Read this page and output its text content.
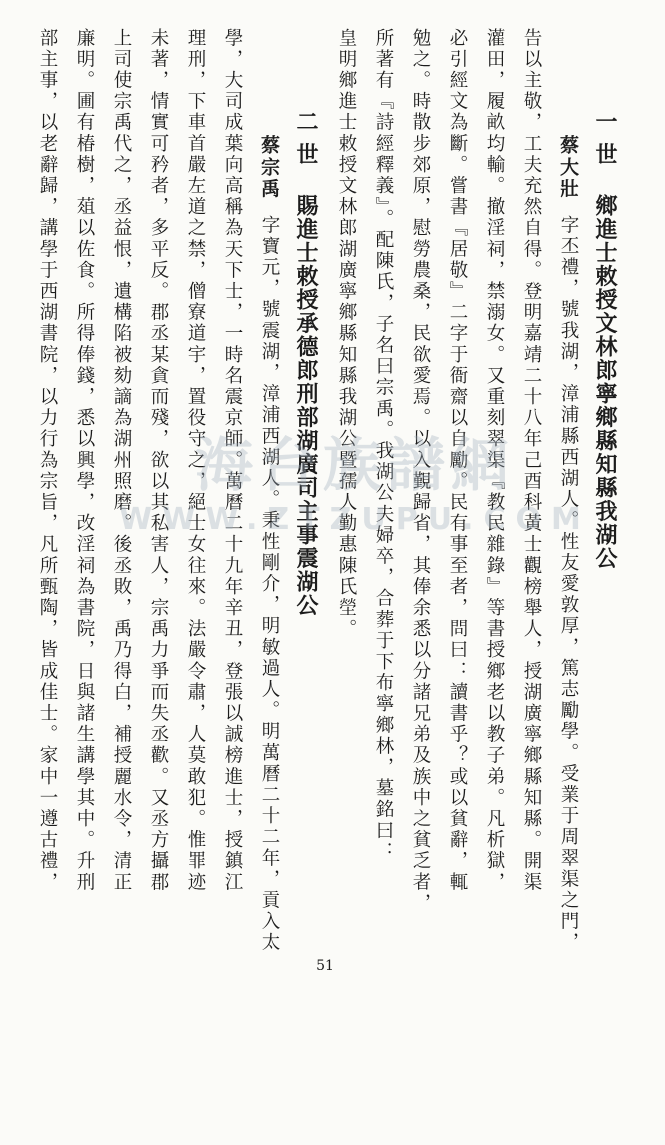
一 世鄉進士敕授文林郎寧鄉縣知縣我湖公
蔡大壯
字丕禮，號我湖，漳浦縣西湖人。性友愛敦厚，篤志勵學。受業于周翠渠之門，
告以主敬，工夫充然自得。登明嘉靖二十八年己酉科黃士觀榜舉人，授湖廣寧鄉縣知縣。開渠
灌田，履畝均輸。撤淫祠，禁溺女。又重刻翠渠『教民雜錄』等書授鄉老以教子弟。凡析獄，
必引經文為斷。嘗書『居敬』二字于衙齋以自勵。民有事至者，問曰：讀書乎？或以貧辭，輒
勉之。時散步郊原，慰勞農桑，民欲愛焉。以入覲歸省，其俸余悉以分諸兄弟及族中之貧乏者，
所著有『詩經釋義』。配陳氏，子名曰宗禹。我湖公夫婦卒，合葬于下布寧鄉林，墓銘曰：
皇明鄉進士敕授文林郎湖廣寧鄉縣知縣我湖公暨孺人勤惠陳氏塋。
二 世賜進士敕授承德郎刑部湖廣司主事震湖公
蔡宗禹
字寶元，號震湖，漳浦西湖人。秉性剛介，明敏過人。明萬曆二十二年，貢入太
學，大司成葉向高稱為天下士，一時名震京師。萬曆二十九年辛丑，登張以誠榜進士，授鎮江
理刑，下車首嚴左道之禁，僧寮道宇，置役守之，絕士女往來。法嚴令肅，人莫敢犯。惟罪迹
未著，情實可矜者，多平反。郡丞某貪而殘，欲以其私害人，宗禹力爭而失丞歡。又丞方攝郡
上司使宗禹代之，丞益恨，遺構陷被劾謫為湖州照磨。後丞敗，禹乃得白，補授麗水令，清正
廉明。圃有椿樹，葅以佐食。所得俸錢，悉以興學，改淫祠為書院，日與諸生講學其中。升刑
部主事，以老辭歸，講學于西湖書院，以力行為宗旨，凡所甄陶，皆成佳士。家中一遵古禮，	海台族譜網
WWW.ZTZUPU.COM
51
